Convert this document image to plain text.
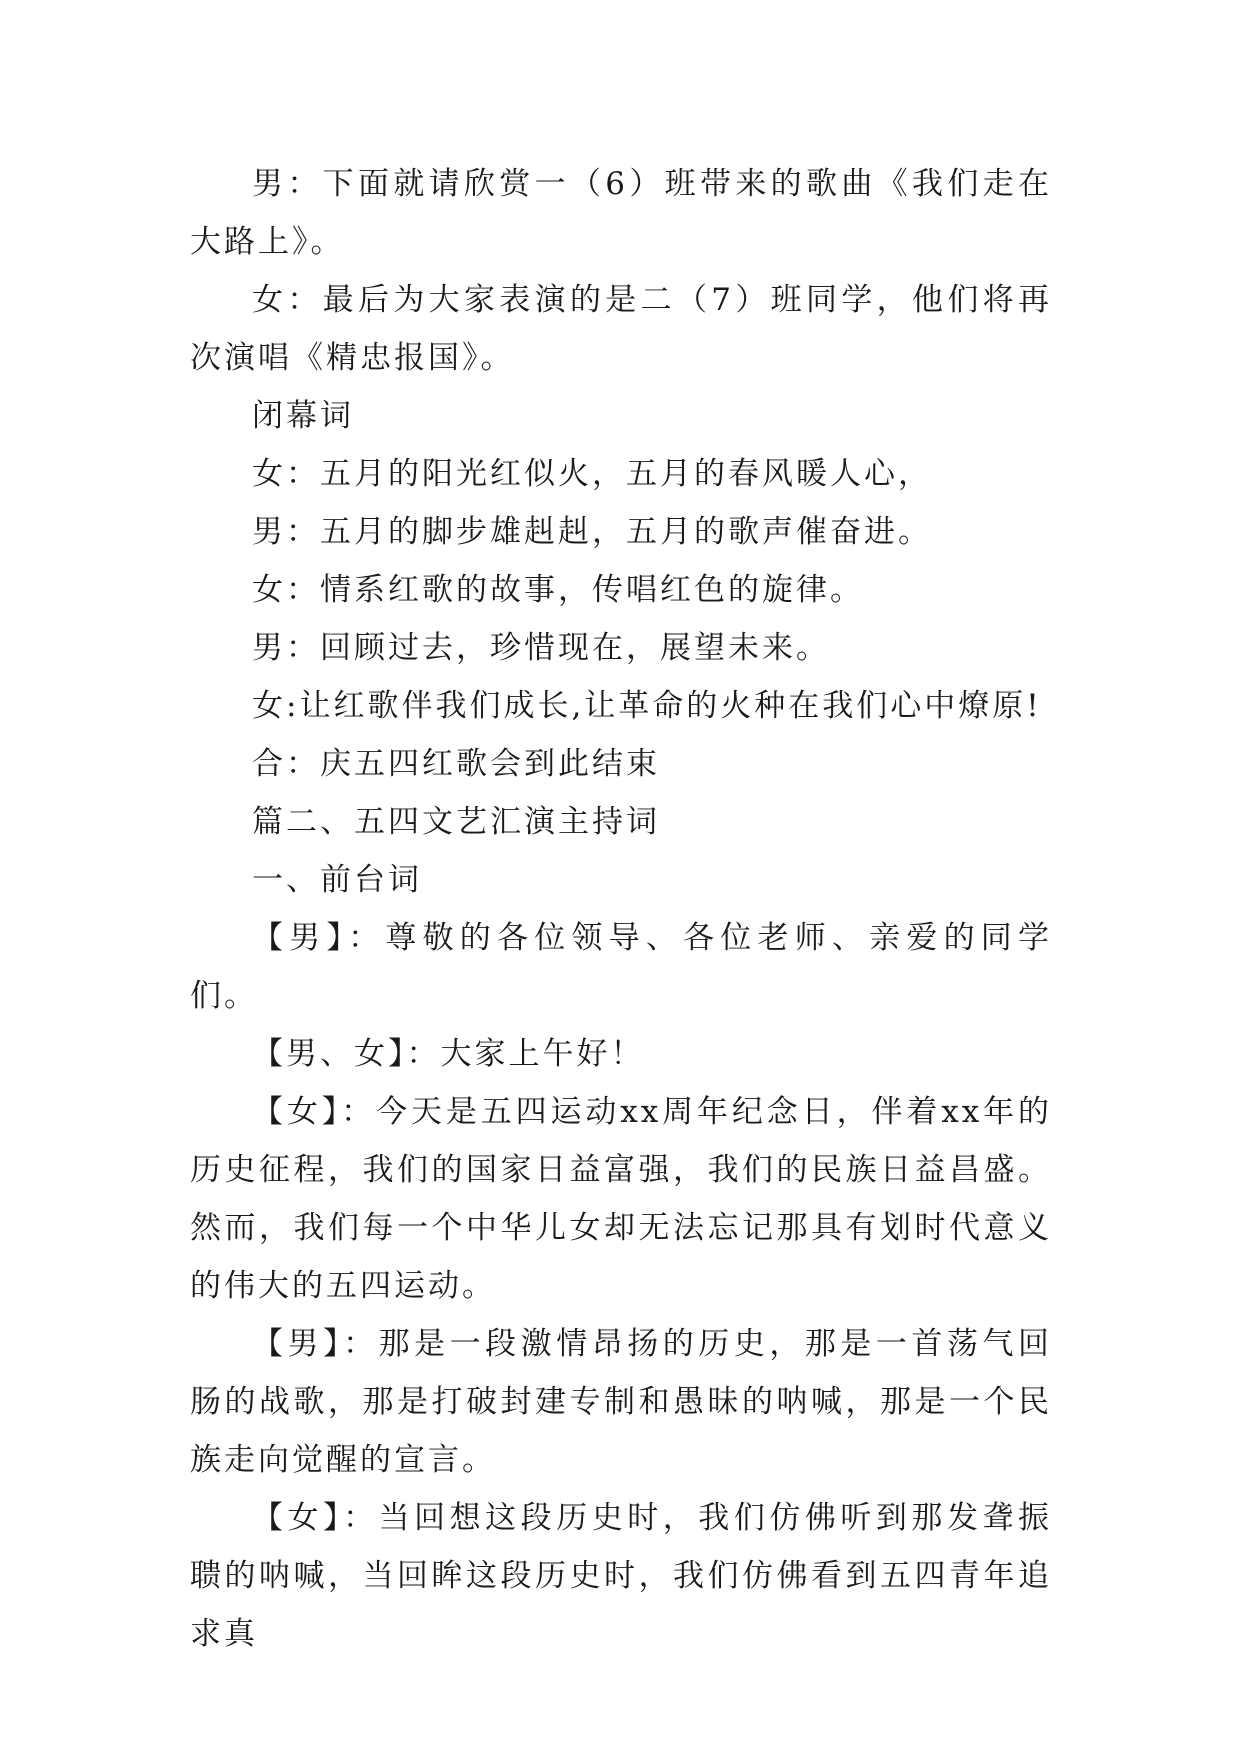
男：下面就请欣赏一（6）班带来的歌曲《我们走在大路上》。

女：最后为大家表演的是二（7）班同学，他们将再次演唱《精忠报国》。

闭幕词

女：五月的阳光红似火，五月的春风暖人心，

男：五月的脚步雄赳赳，五月的歌声催奋进。

女：情系红歌的故事，传唱红色的旋律。

男：回顾过去，珍惜现在，展望未来。

女:让红歌伴我们成长,让革命的火种在我们心中燎原!

合：庆五四红歌会到此结束

篇二、五四文艺汇演主持词

一、前台词

【男】：尊敬的各位领导、各位老师、亲爱的同学们。

【男、女】：大家上午好！

【女】：今天是五四运动xx周年纪念日，伴着xx年的历史征程，我们的国家日益富强，我们的民族日益昌盛。然而，我们每一个中华儿女却无法忘记那具有划时代意义的伟大的五四运动。

【男】：那是一段激情昂扬的历史，那是一首荡气回肠的战歌，那是打破封建专制和愚昧的呐喊，那是一个民族走向觉醒的宣言。

【女】：当回想这段历史时，我们仿佛听到那发聋振聩的呐喊，当回眸这段历史时，我们仿佛看到五四青年追求真
